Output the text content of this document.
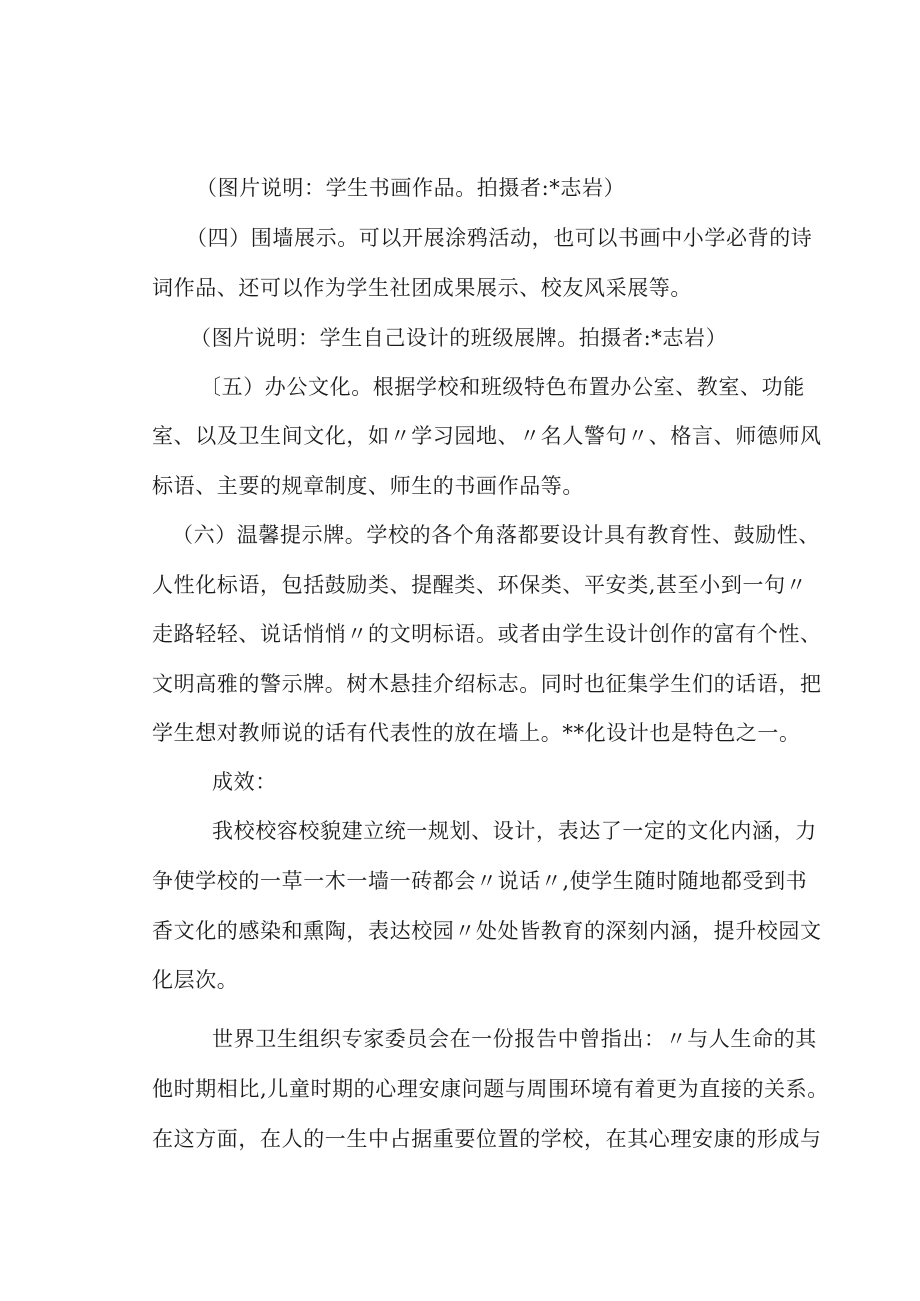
（图片说明：学生书画作品。拍摄者:*志岩）
（四）围墙展示。可以开展涂鸦活动，也可以书画中小学必背的诗
词作品、还可以作为学生社团成果展示、校友风采展等。
（图片说明：学生自己设计的班级展牌。拍摄者:*志岩）
〔五）办公文化。根据学校和班级特色布置办公室、教室、功能
室、以及卫生间文化，如〃学习园地、〃名人警句〃、格言、师德师风
标语、主要的规章制度、师生的书画作品等。
（六）温馨提示牌。学校的各个角落都要设计具有教育性、鼓励性、
人性化标语，包括鼓励类、提醒类、环保类、平安类,甚至小到一句〃
走路轻轻、说话悄悄〃的文明标语。或者由学生设计创作的富有个性、
文明高雅的警示牌。树木悬挂介绍标志。同时也征集学生们的话语，把
学生想对教师说的话有代表性的放在墙上。**化设计也是特色之一。
成效：
我校校容校貌建立统一规划、设计，表达了一定的文化内涵，力
争使学校的一草一木一墙一砖都会〃说话〃,使学生随时随地都受到书
香文化的感染和熏陶，表达校园〃处处皆教育的深刻内涵，提升校园文
化层次。
世界卫生组织专家委员会在一份报告中曾指出：〃与人生命的其
他时期相比,儿童时期的心理安康问题与周围环境有着更为直接的关系。
在这方面，在人的一生中占据重要位置的学校，在其心理安康的形成与
